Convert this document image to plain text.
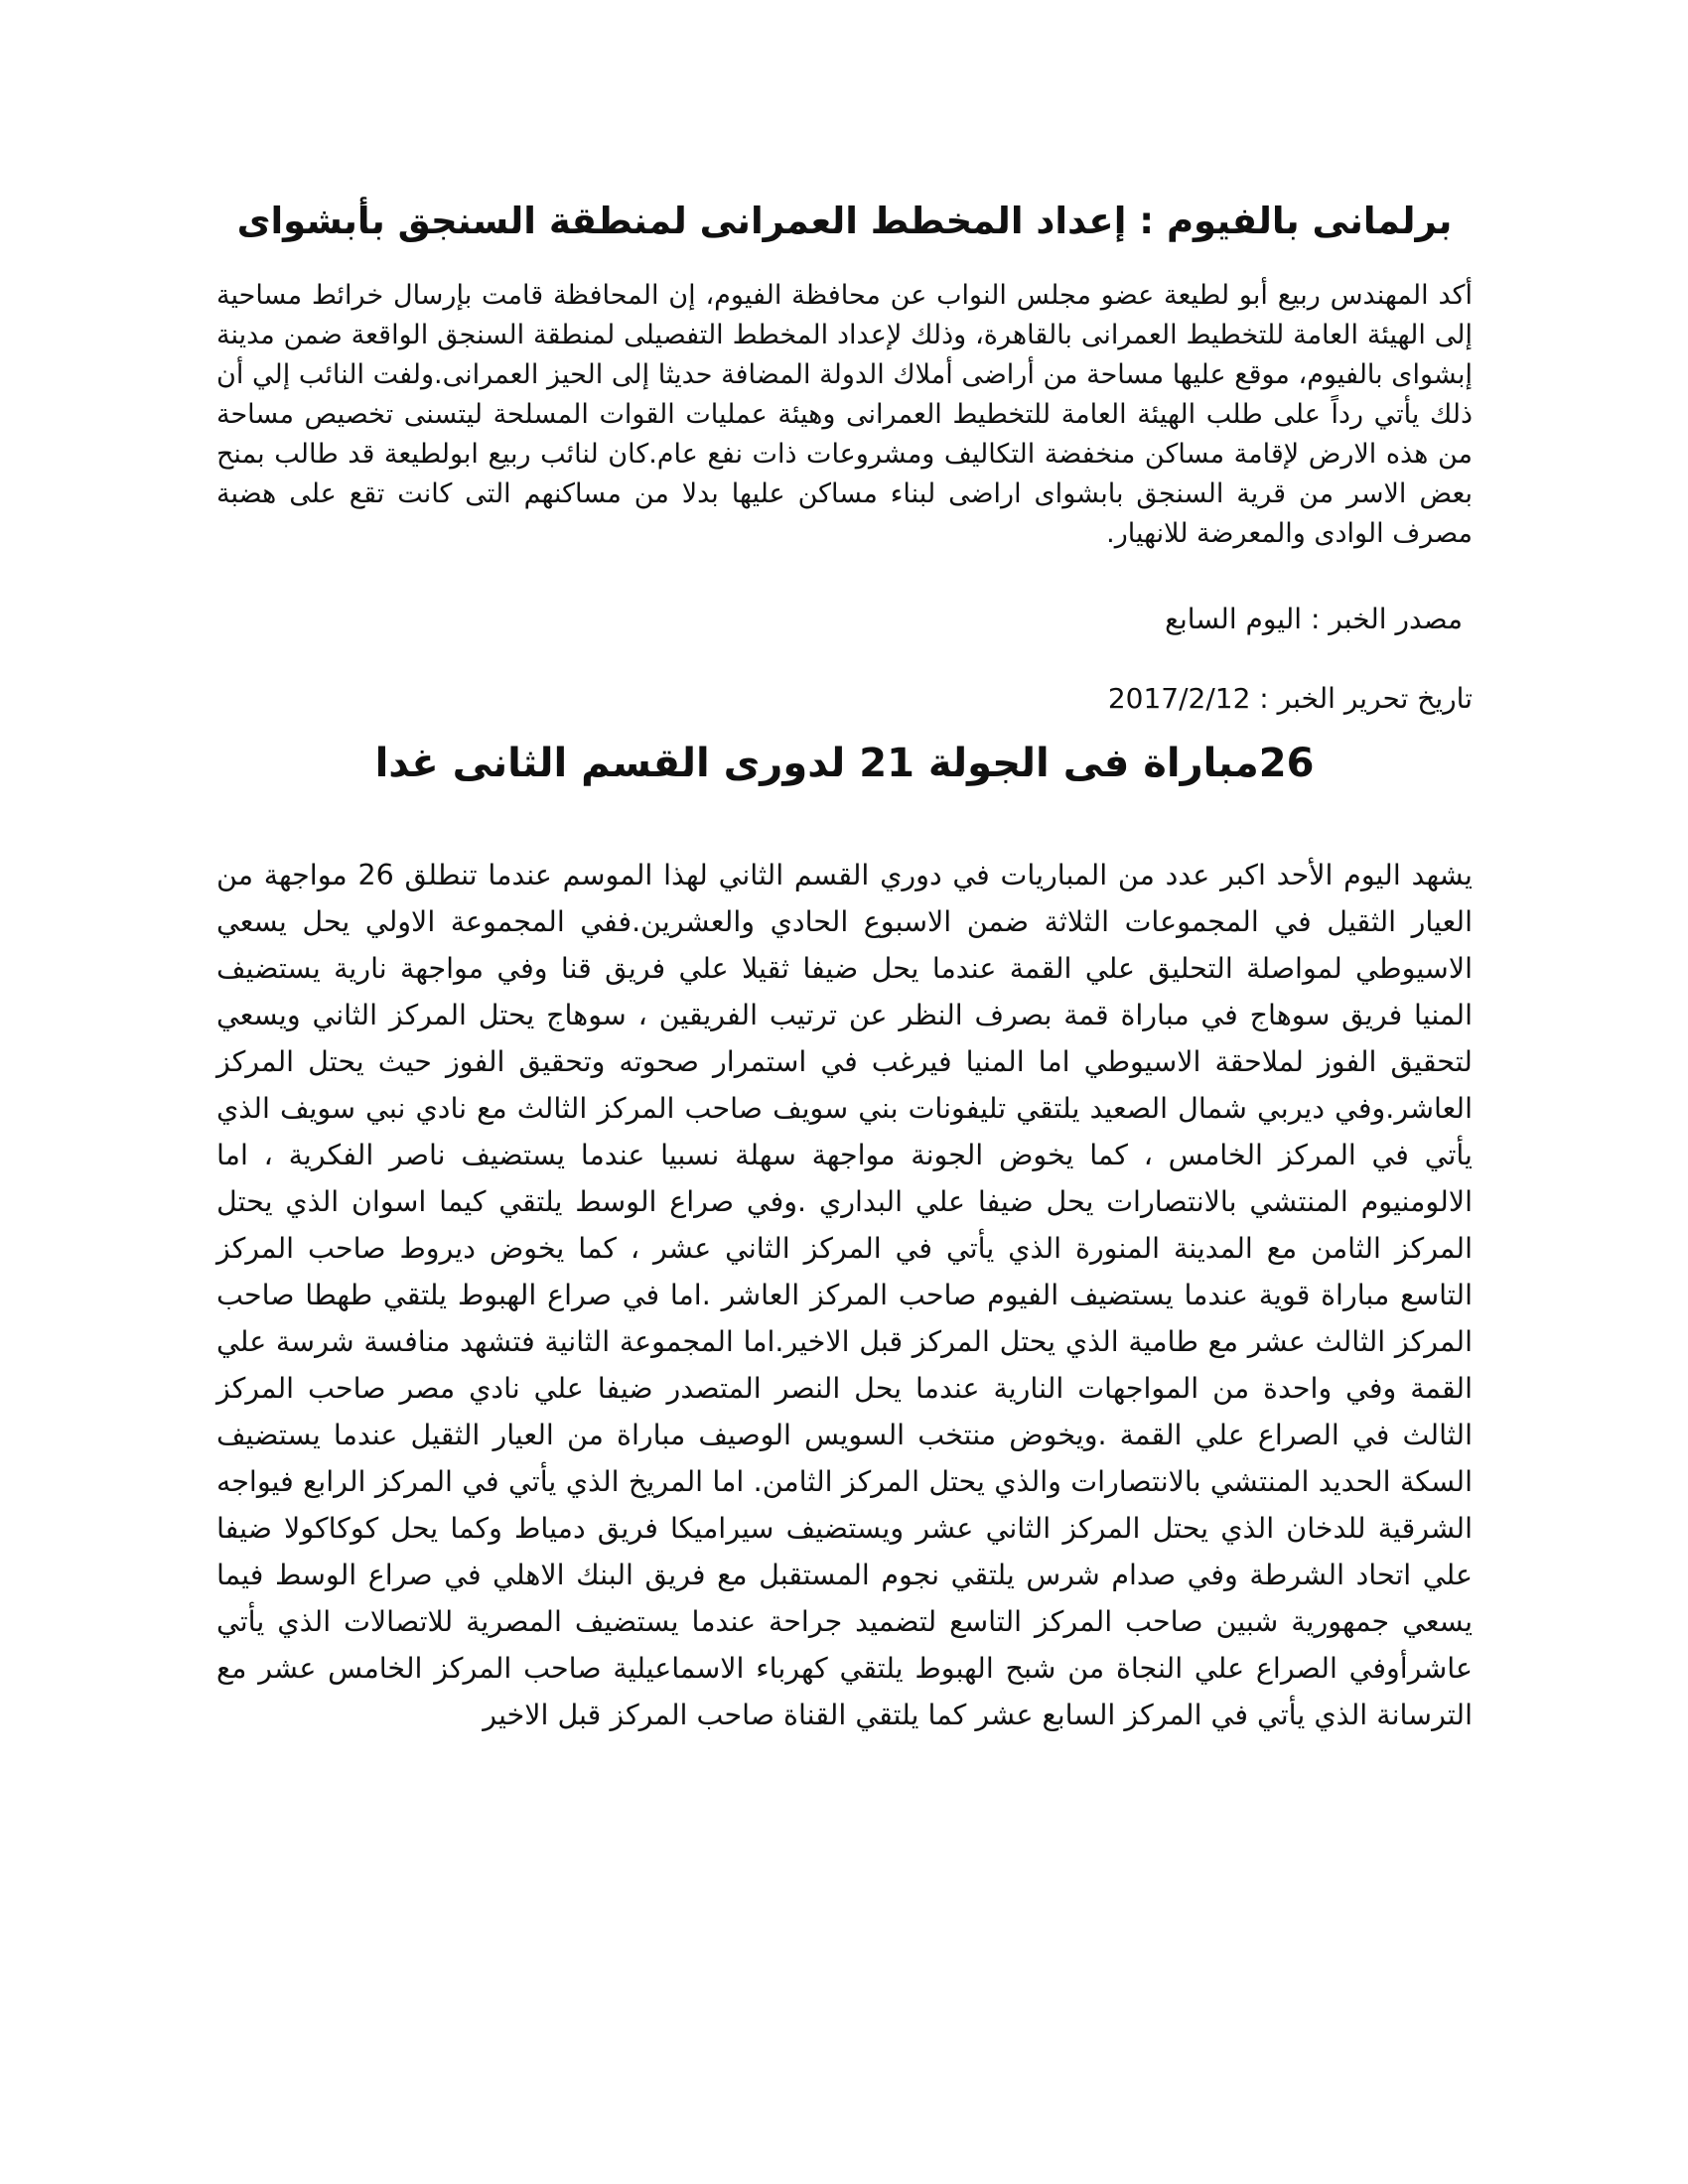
برلمانى بالفيوم : إعداد المخطط العمرانى لمنطقة السنجق بأبشواى

أكد المهندس ربيع أبو لطيعة عضو مجلس النواب عن محافظة الفيوم، إن المحافظة قامت بإرسال خرائط مساحية إلى الهيئة العامة للتخطيط العمرانى بالقاهرة، وذلك لإعداد المخطط التفصيلى لمنطقة السنجق الواقعة ضمن مدينة إبشواى بالفيوم، موقع عليها مساحة من أراضى أملاك الدولة المضافة حديثا إلى الحيز العمرانى.ولفت النائب إلي أن ذلك يأتي رداً على طلب الهيئة العامة للتخطيط العمرانى وهيئة عمليات القوات المسلحة ليتسنى تخصيص مساحة من هذه الارض لإقامة مساكن منخفضة التكاليف ومشروعات ذات نفع عام.كان لنائب ربيع ابولطيعة قد طالب بمنح بعض الاسر من قرية السنجق بابشواى اراضى لبناء مساكن عليها بدلا من مساكنهم التى كانت تقع على هضبة مصرف الوادى والمعرضة للانهيار.

مصدر الخبر : اليوم السابع

تاريخ تحرير الخبر : 2017/2/12

26مباراة فى الجولة 21 لدورى القسم الثانى غدا

يشهد اليوم الأحد اكبر عدد من المباريات في دوري القسم الثاني لهذا الموسم عندما تنطلق 26 مواجهة من العيار الثقيل في المجموعات الثلاثة ضمن الاسبوع الحادي والعشرين.ففي المجموعة الاولي يحل يسعي الاسيوطي لمواصلة التحليق علي القمة عندما يحل ضيفا ثقيلا علي فريق قنا وفي مواجهة نارية يستضيف المنيا فريق سوهاج في مباراة قمة بصرف النظر عن ترتيب الفريقين ، سوهاج يحتل المركز الثاني ويسعي لتحقيق الفوز لملاحقة الاسيوطي اما المنيا فيرغب في استمرار صحوته وتحقيق الفوز حيث يحتل المركز العاشر.وفي ديربي شمال الصعيد يلتقي تليفونات بني سويف صاحب المركز الثالث مع نادي نبي سويف الذي يأتي في المركز الخامس ، كما يخوض الجونة مواجهة سهلة نسبيا عندما يستضيف ناصر الفكرية ، اما الالومنيوم المنتشي بالانتصارات يحل ضيفا علي البداري .وفي صراع الوسط يلتقي كيما اسوان الذي يحتل المركز الثامن مع المدينة المنورة الذي يأتي في المركز الثاني عشر ، كما يخوض ديروط صاحب المركز التاسع مباراة قوية عندما يستضيف الفيوم صاحب المركز العاشر .اما في صراع الهبوط يلتقي طهطا صاحب المركز الثالث عشر مع طامية الذي يحتل المركز قبل الاخير.اما المجموعة الثانية فتشهد منافسة شرسة علي القمة وفي واحدة من المواجهات النارية عندما يحل النصر المتصدر ضيفا علي نادي مصر صاحب المركز الثالث في الصراع علي القمة .ويخوض منتخب السويس الوصيف مباراة من العيار الثقيل عندما يستضيف السكة الحديد المنتشي بالانتصارات والذي يحتل المركز الثامن. اما المريخ الذي يأتي في المركز الرابع فيواجه الشرقية للدخان الذي يحتل المركز الثاني عشر ويستضيف سيراميكا فريق دمياط وكما يحل كوكاكولا ضيفا علي اتحاد الشرطة وفي صدام شرس يلتقي نجوم المستقبل مع فريق البنك الاهلي في صراع الوسط فيما يسعي جمهورية شبين صاحب المركز التاسع لتضميد جراحة عندما يستضيف المصرية للاتصالات الذي يأتي عاشرأوفي الصراع علي النجاة من شبح الهبوط يلتقي كهرباء الاسماعيلية صاحب المركز الخامس عشر مع الترسانة الذي يأتي في المركز السابع عشر كما يلتقي القناة صاحب المركز قبل الاخير
